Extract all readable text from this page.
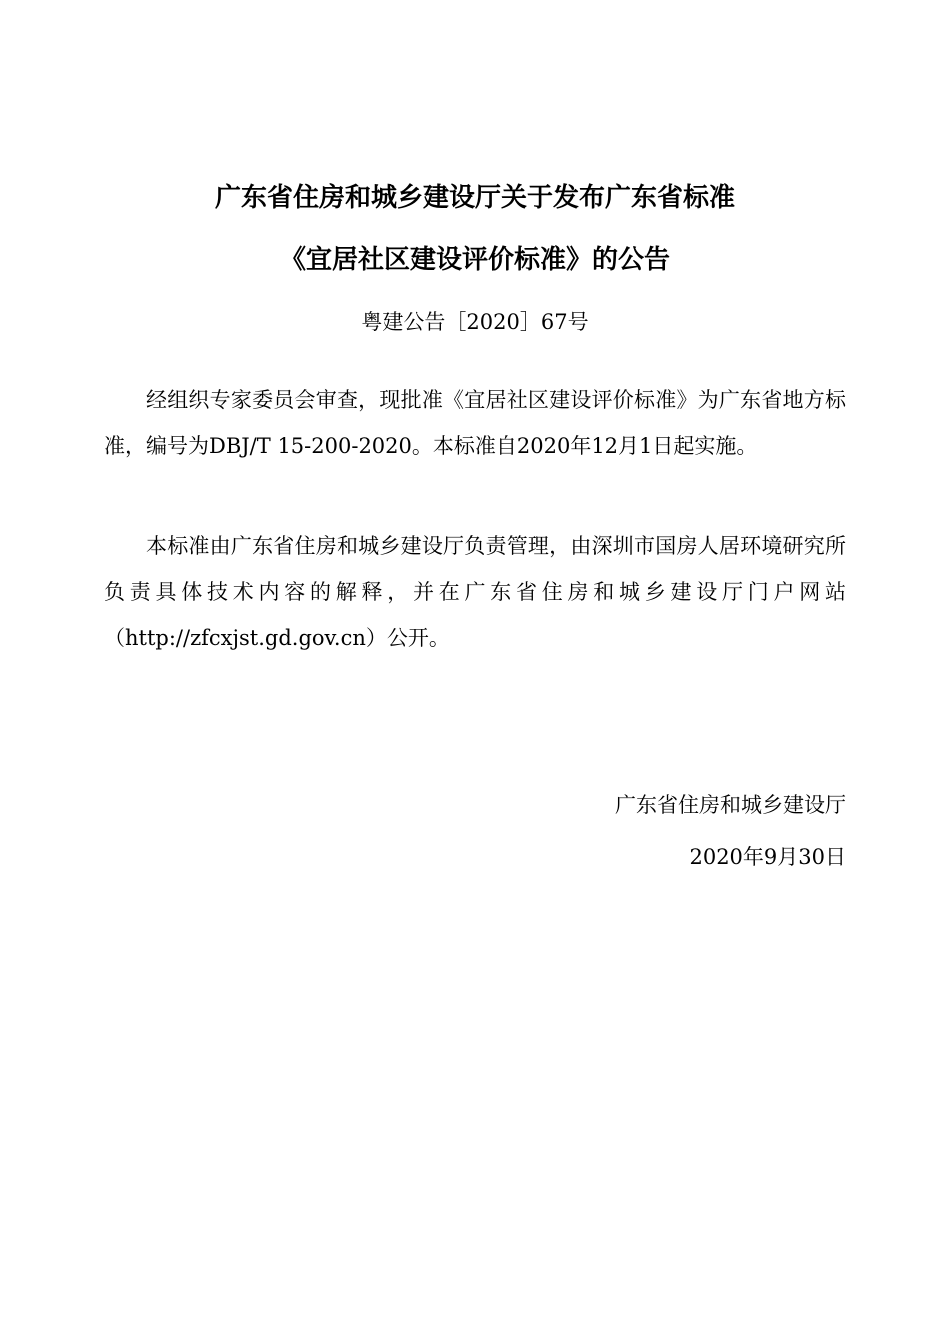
广东省住房和城乡建设厅关于发布广东省标准
《宜居社区建设评价标准》的公告
粤建公告［2020］67号

经组织专家委员会审查，现批准《宜居社区建设评价标准》为广东省地方标准，编号为DBJ/T 15-200-2020。本标准自2020年12月1日起实施。

本标准由广东省住房和城乡建设厅负责管理，由深圳市国房人居环境研究所负责具体技术内容的解释，并在广东省住房和城乡建设厅门户网站（http://zfcxjst.gd.gov.cn）公开。

广东省住房和城乡建设厅
2020年9月30日
